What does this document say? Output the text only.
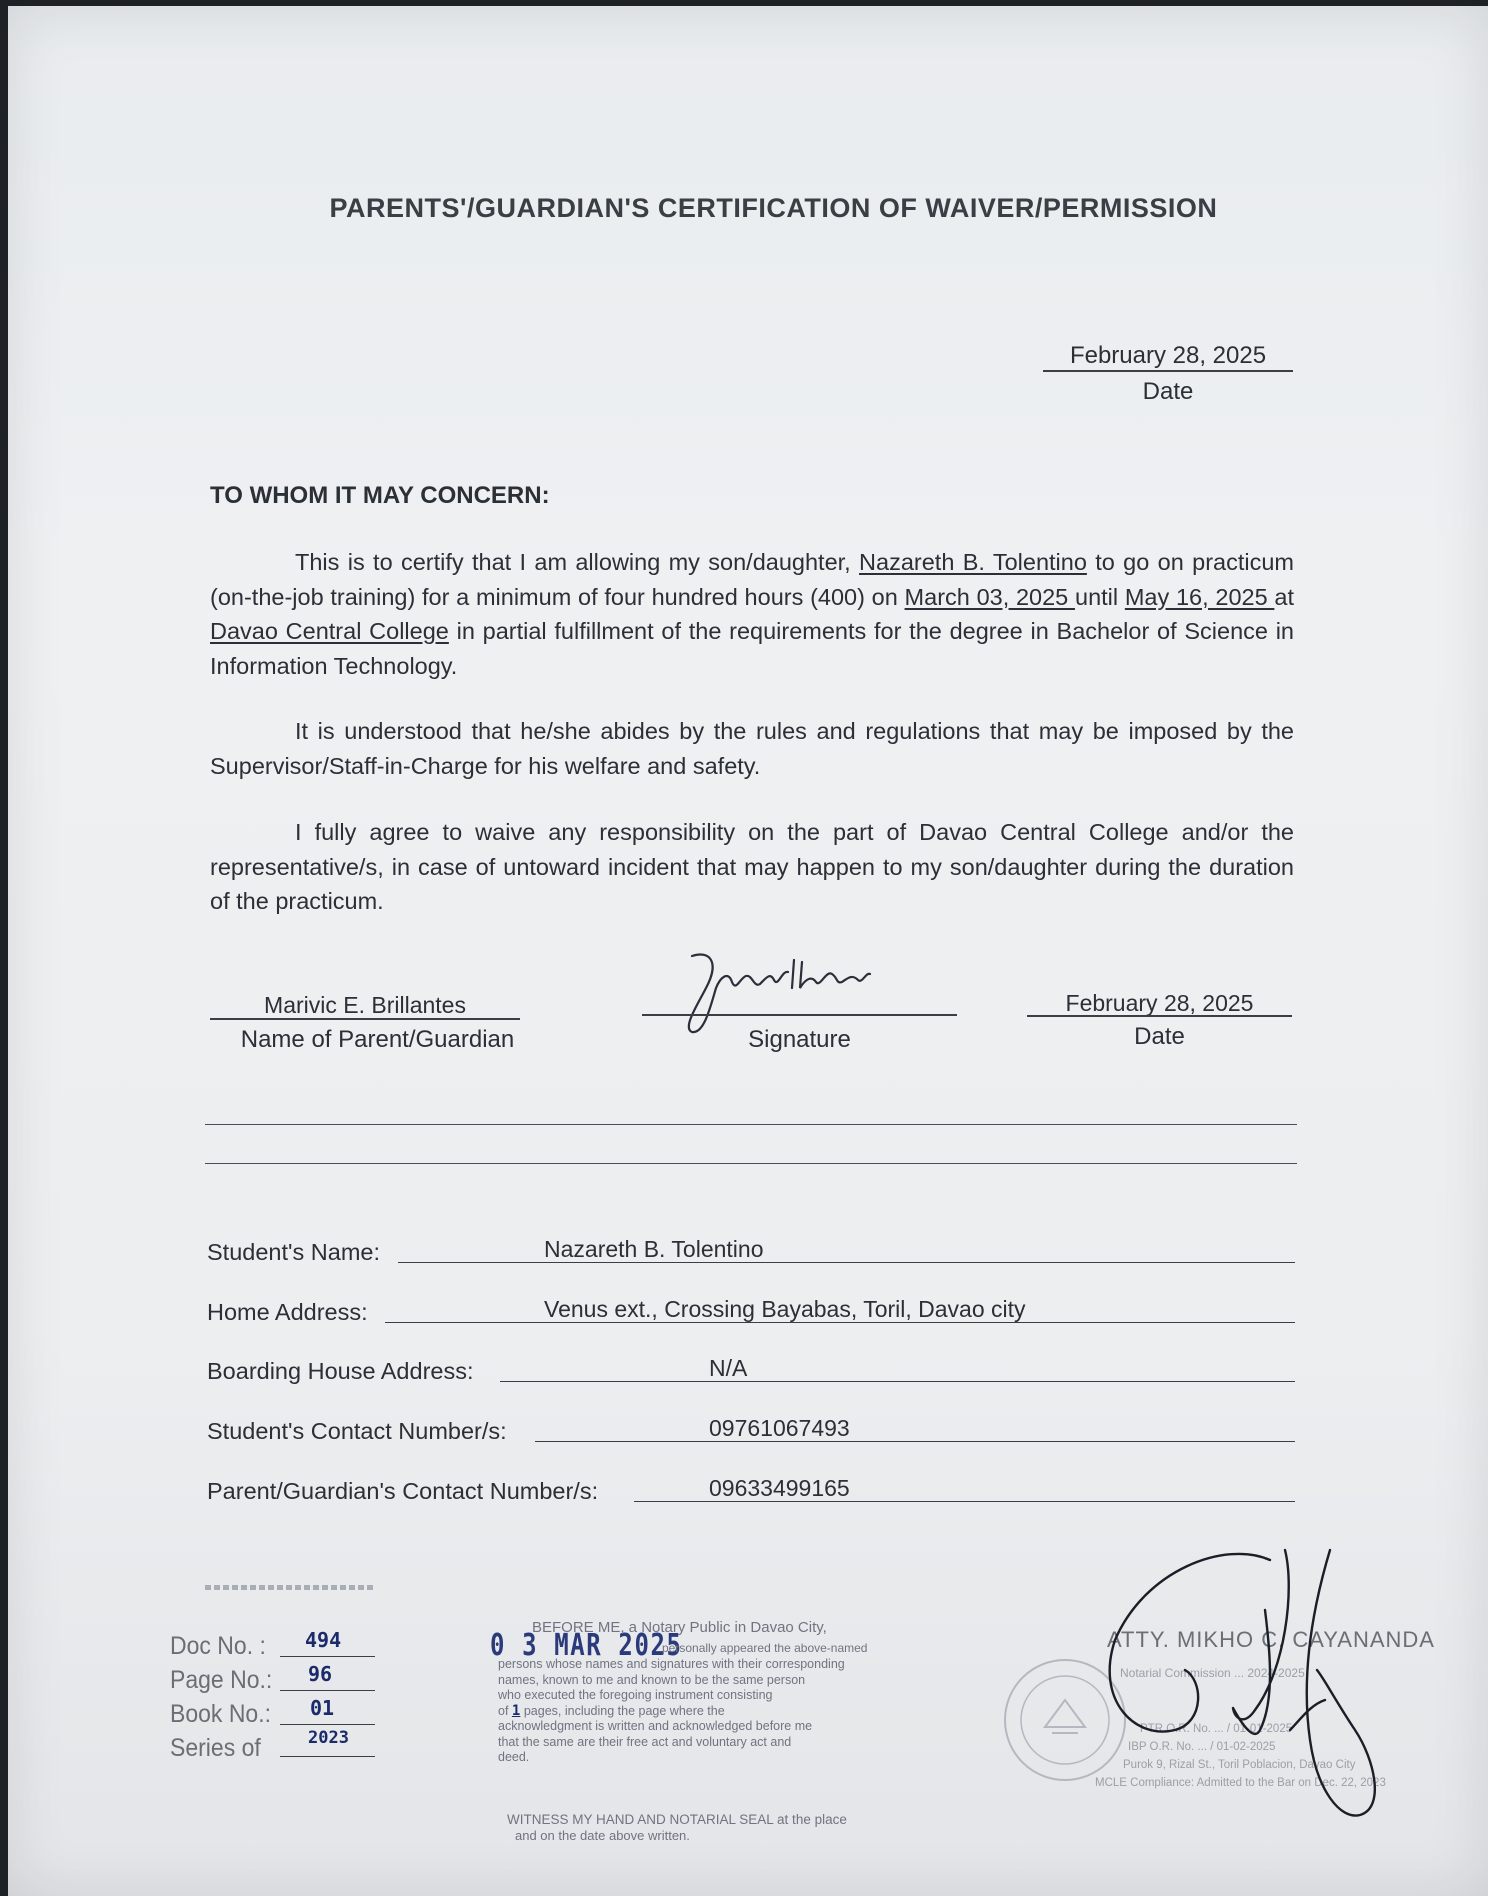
PARENTS'/GUARDIAN'S CERTIFICATION OF WAIVER/PERMISSION
February 28, 2025
Date
TO WHOM IT MAY CONCERN:
This is to certify that I am allowing my son/daughter, Nazareth B. Tolentino to go on practicum (on-the-job training) for a minimum of four hundred hours (400) on March 03, 2025 until May 16, 2025 at Davao Central College in partial fulfillment of the requirements for the degree in Bachelor of Science in Information Technology.
It is understood that he/she abides by the rules and regulations that may be imposed by the Supervisor/Staff-in-Charge for his welfare and safety.
I fully agree to waive any responsibility on the part of Davao Central College and/or the representative/s, in case of untoward incident that may happen to my son/daughter during the duration of the practicum.
Marivic E. Brillantes
Name of Parent/Guardian	Signature
February 28, 2025
Date
Student's Name:	Nazareth B. Tolentino
Home Address:	Venus ext., Crossing Bayabas, Toril, Davao city
Boarding House Address:	N/A
Student's Contact Number/s:	09761067493
Parent/Guardian's Contact Number/s:	09633499165
Doc No. : 494
Page No.: 96
Book No.: 01
Series of	2023
0 3 MAR 2025
BEFORE ME, a Notary Public in Davao City,
personally appeared the above-named
persons whose names and signatures with their corresponding
names, known to me and known to be the same person
who executed the foregoing instrument consisting
of 1 pages, including the page where the
acknowledgment is written and acknowledged before me
that the same are their free act and voluntary act and
deed.
WITNESS MY HAND AND NOTARIAL SEAL at the place
and on the date above written.
ATTY. MIKHO C. CAYANANDA
Notarial Commission ... 2024-2025
PTR O.R. No. ... / 01-01-2025
IBP O.R. No. ... / 01-02-2025
Purok 9, Rizal St., Toril Poblacion, Davao City
MCLE Compliance: Admitted to the Bar on Dec. 22, 2023
